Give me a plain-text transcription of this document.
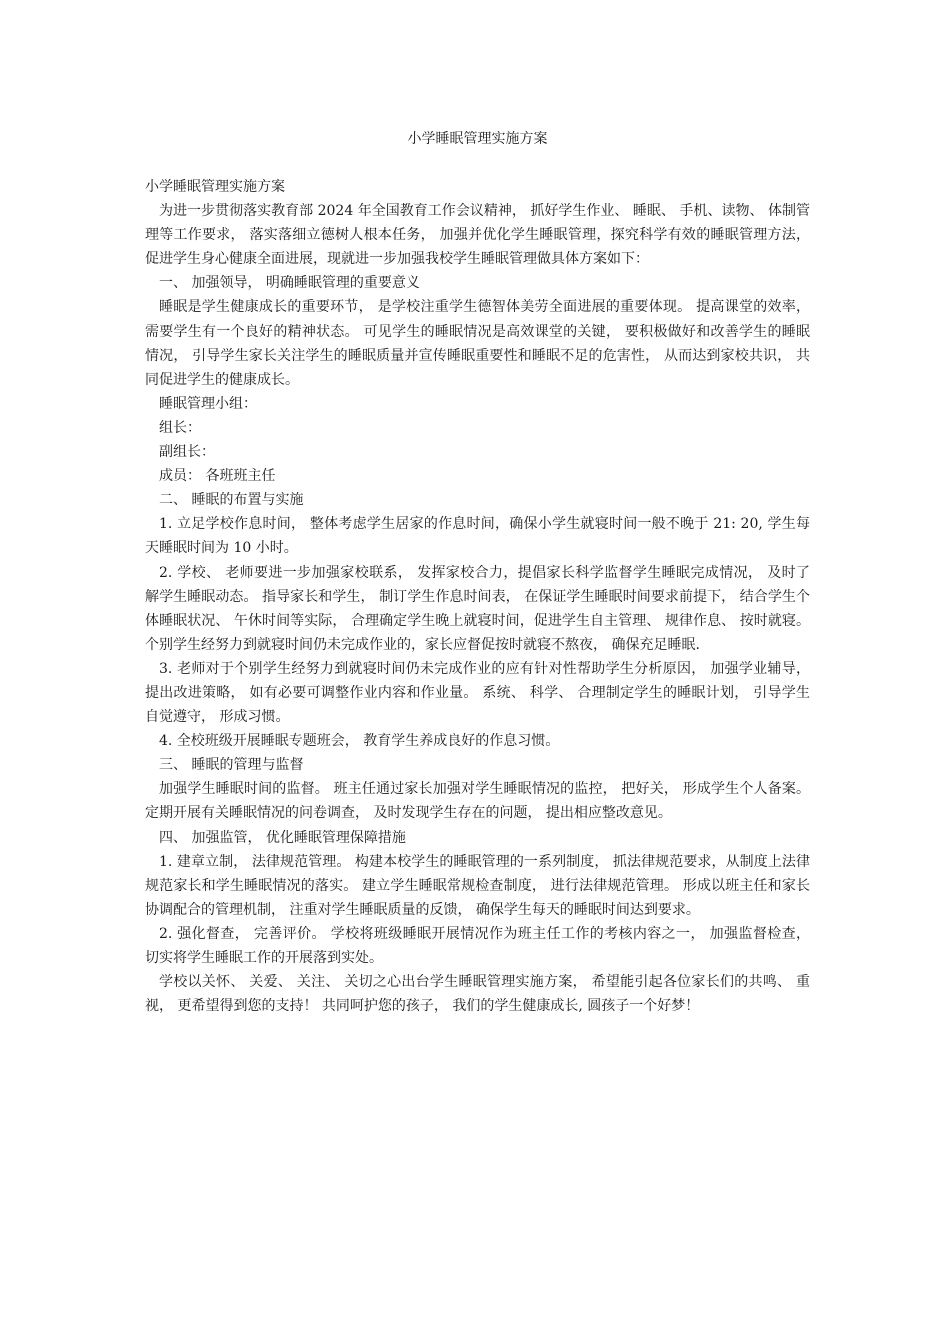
小学睡眠管理实施方案

小学睡眠管理实施方案

为进一步贯彻落实教育部 2024 年全国教育工作会议精神， 抓好学生作业、 睡眠、 手机、读物、 体制管理等工作要求， 落实落细立德树人根本任务， 加强并优化学生睡眠管理，探究科学有效的睡眠管理方法， 促进学生身心健康全面进展，现就进一步加强我校学生睡眠管理做具体方案如下：

一、 加强领导， 明确睡眠管理的重要意义

睡眠是学生健康成长的重要环节， 是学校注重学生德智体美劳全面进展的重要体现。 提高课堂的效率， 需要学生有一个良好的精神状态。 可见学生的睡眠情况是高效课堂的关键， 要积极做好和改善学生的睡眠情况， 引导学生家长关注学生的睡眠质量并宣传睡眠重要性和睡眠不足的危害性， 从而达到家校共识， 共同促进学生的健康成长。

睡眠管理小组：

组长：

副组长：

成员： 各班班主任

二、 睡眠的布置与实施

1. 立足学校作息时间， 整体考虑学生居家的作息时间，确保小学生就寝时间一般不晚于 21: 20, 学生每天睡眠时间为 10 小时。

2. 学校、 老师要进一步加强家校联系， 发挥家校合力，提倡家长科学监督学生睡眠完成情况， 及时了 解学生睡眠动态。 指导家长和学生， 制订学生作息时间表， 在保证学生睡眠时间要求前提下， 结合学生个体睡眠状况、 午休时间等实际， 合理确定学生晚上就寝时间，促进学生自主管理、 规律作息、 按时就寝。 个别学生经努力到就寝时间仍未完成作业的，家长应督促按时就寝不熬夜， 确保充足睡眠.

3. 老师对于个别学生经努力到就寝时间仍未完成作业的应有针对性帮助学生分析原因， 加强学业辅导， 提出改进策略， 如有必要可调整作业内容和作业量。 系统、 科学、 合理制定学生的睡眠计划， 引导学生自觉遵守， 形成习惯。

4. 全校班级开展睡眠专题班会， 教育学生养成良好的作息习惯。

三、 睡眠的管理与监督

加强学生睡眠时间的监督。 班主任通过家长加强对学生睡眠情况的监控， 把好关， 形成学生个人备案。 定期开展有关睡眠情况的问卷调查， 及时发现学生存在的问题， 提出相应整改意见。

四、 加强监管， 优化睡眠管理保障措施

1. 建章立制， 法律规范管理。 构建本校学生的睡眠管理的一系列制度， 抓法律规范要求，从制度上法律规范家长和学生睡眠情况的落实。 建立学生睡眠常规检查制度， 进行法律规范管理。 形成以班主任和家长协调配合的管理机制， 注重对学生睡眠质量的反馈， 确保学生每天的睡眠时间达到要求。

2. 强化督查， 完善评价。 学校将班级睡眠开展情况作为班主任工作的考核内容之一， 加强监督检查， 切实将学生睡眠工作的开展落到实处。

学校以关怀、 关爱、 关注、 关切之心出台学生睡眠管理实施方案， 希望能引起各位家长们的共鸣、 重视， 更希望得到您的支持！ 共同呵护您的孩子， 我们的学生健康成长, 圆孩子一个好梦！
